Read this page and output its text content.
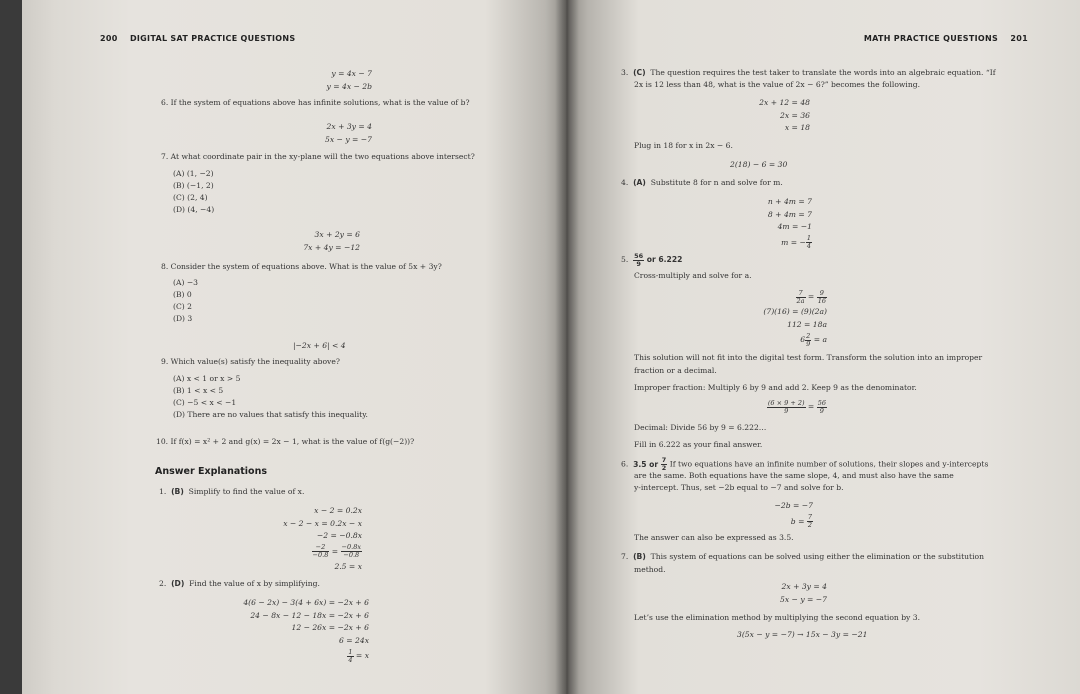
200 DIGITAL SAT PRACTICE QUESTIONS
y = 4x − 7
y = 4x − 2b
6. If the system of equations above has infinite solutions, what is the value of b?
2x + 3y = 4
5x − y = −7
7. At what coordinate pair in the xy-plane will the two equations above intersect?
(A) (1, −2)
(B) (−1, 2)
(C) (2, 4)
(D) (4, −4)
3x + 2y = 6
7x + 4y = −12
8. Consider the system of equations above. What is the value of 5x + 3y?
(A) −3
(B) 0
(C) 2
(D) 3
|−2x + 6| < 4
9. Which value(s) satisfy the inequality above?
(A) x < 1 or x > 5
(B) 1 < x < 5
(C) −5 < x < −1
(D) There are no values that satisfy this inequality.
10. If f(x) = x² + 2 and g(x) = 2x − 1, what is the value of f(g(−2))?
Answer Explanations
1. (B) Simplify to find the value of x.
x − 2 = 0.2x
x − 2 − x = 0.2x − x
−2 = −0.8x
$\frac{-2}{-0.8} = \frac{-0.8x}{-0.8}$
2.5 = x
2. (D) Find the value of x by simplifying.
4(6 − 2x) − 3(4 + 6x) = −2x + 6
24 − 8x − 12 − 18x = −2x + 6
12 − 26x = −2x + 6
6 = 24x
$\frac{1}{4} = x$
MATH PRACTICE QUESTIONS 201
3. (C) The question requires the test taker to translate the words into an algebraic equation. “If
2x is 12 less than 48, what is the value of 2x − 6?” becomes the following.
2x + 12 = 48
2x = 36
x = 18
Plug in 18 for x in 2x − 6.
2(18) − 6 = 30
4. (A) Substitute 8 for n and solve for m.
n + 4m = 7
8 + 4m = 7
4m = −1
m = − $\frac{1}{4}$
5. $\frac{56}{9}$ or 6.222
Cross-multiply and solve for a.
$\frac{7}{2a} = \frac{9}{16}$
(7)(16) = (9)(2a)
112 = 18a
$6 \frac{2}{9} = a$
This solution will not fit into the digital test form. Transform the solution into an improper
fraction or a decimal.
Improper fraction: Multiply 6 by 9 and add 2. Keep 9 as the denominator.
$\frac{(6 \times 9 + 2)}{9} = \frac{56}{9}$
Decimal: Divide 56 by 9 = 6.222…
Fill in 6.222 as your final answer.
6. 3.5 or $\frac{7}{2}$ If two equations have an infinite number of solutions, their slopes and y-intercepts
are the same. Both equations have the same slope, 4, and must also have the same
y-intercept. Thus, set −2b equal to −7 and solve for b.
−2b = −7
$b = \frac{7}{2}$
The answer can also be expressed as 3.5.
7. (B) This system of equations can be solved using either the elimination or the substitution
method.
2x + 3y = 4
5x − y = −7
Let’s use the elimination method by multiplying the second equation by 3.
3(5x − y = −7) → 15x − 3y = −21
